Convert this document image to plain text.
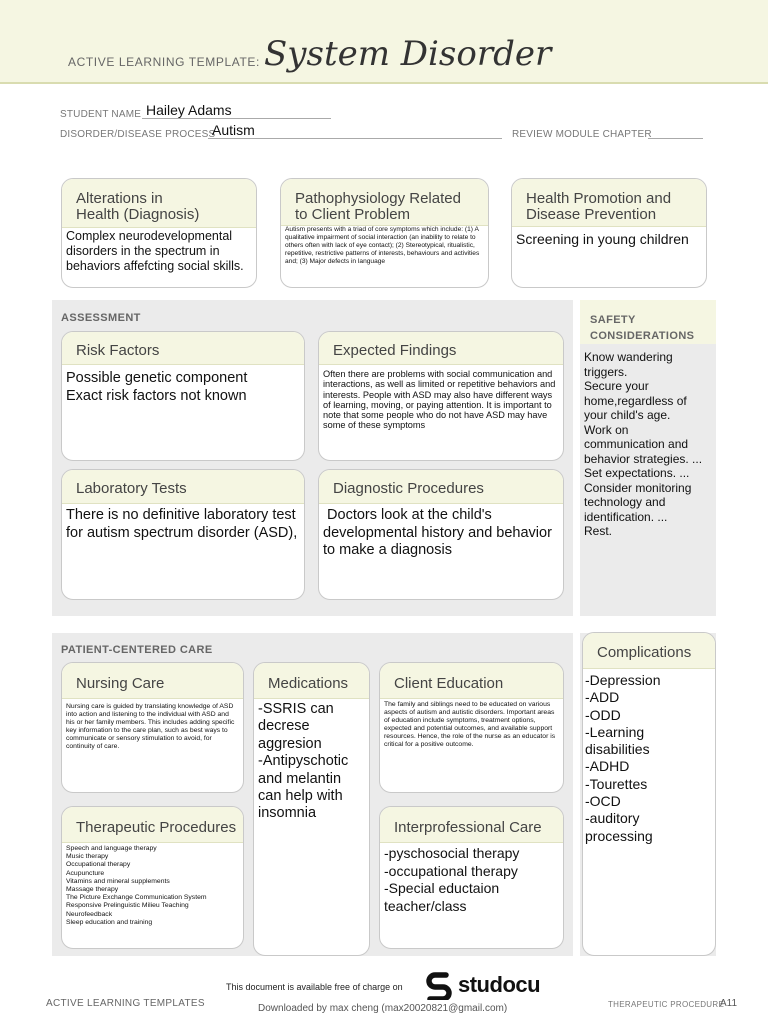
ACTIVE LEARNING TEMPLATE: System Disorder
STUDENT NAME Hailey Adams
DISORDER/DISEASE PROCESS
Autism	REVIEW MODULE CHAPTER
Alterations in
Health (Diagnosis)
Complex neurodevelopmental disorders in the spectrum in behaviors affefcting social skills.
Pathophysiology Related
to Client Problem
Autism presents with a triad of core symptoms which include: (1) A qualitative impairment of social interaction (an inability to relate to others often with lack of eye contact); (2) Stereotypical, ritualistic, repetitive, restrictive patterns of interests, behaviours and activities and; (3) Major defects in language
Health Promotion and
Disease Prevention
Screening in young children
ASSESSMENT
Risk Factors
Possible genetic component
Exact risk factors not known
Expected Findings
Often there are problems with social communication and interactions, as well as limited or repetitive behaviors and interests. People with ASD may also have different ways of learning, moving, or paying attention. It is important to note that some people who do not have ASD may have some of these symptoms
Laboratory Tests
There is no definitive laboratory test for autism spectrum disorder (ASD),
Diagnostic Procedures
Doctors look at the child's developmental history and behavior to make a diagnosis
SAFETY
CONSIDERATIONS
Know wandering
triggers.
Secure your
home,regardless of
your child's age.
Work on
communication and
behavior strategies. ...
Set expectations. ...
Consider monitoring
technology and
identification. ...
Rest.
PATIENT-CENTERED CARE
Nursing Care
Nursing care is guided by translating knowledge of ASD into action and listening to the individual with ASD and his or her family members. This includes adding specific key information to the care plan, such as best ways to communicate or sensory stimulation to avoid, for continuity of care.
Medications
-SSRIS can
decrese
aggresion
-Antipyschotic
and melantin
can help with
insomnia
Client Education
The family and siblings need to be educated on various aspects of autism and autistic disorders. Important areas of education include symptoms, treatment options, expected and potential outcomes, and available support resources. Hence, the role of the nurse as an educator is critical for a positive outcome.
Therapeutic Procedures
Speech and language therapy
Music therapy
Occupational therapy
Acupuncture
Vitamins and mineral supplements
Massage therapy
The Picture Exchange Communication System
Responsive Prelinguistic Milieu Teaching
Neurofeedback
Sleep education and training
Interprofessional Care
-pyschosocial therapy
-occupational therapy
-Special eductaion
teacher/class
Complications
-Depression
-ADD
-ODD
-Learning
disabilities
-ADHD
-Tourettes
-OCD
-auditory
processing
This document is available free of charge on	studocu
ACTIVE LEARNING TEMPLATES	Downloaded by max cheng (max20020821@gmail.com)	THERAPEUTIC PROCEDURE
A11
